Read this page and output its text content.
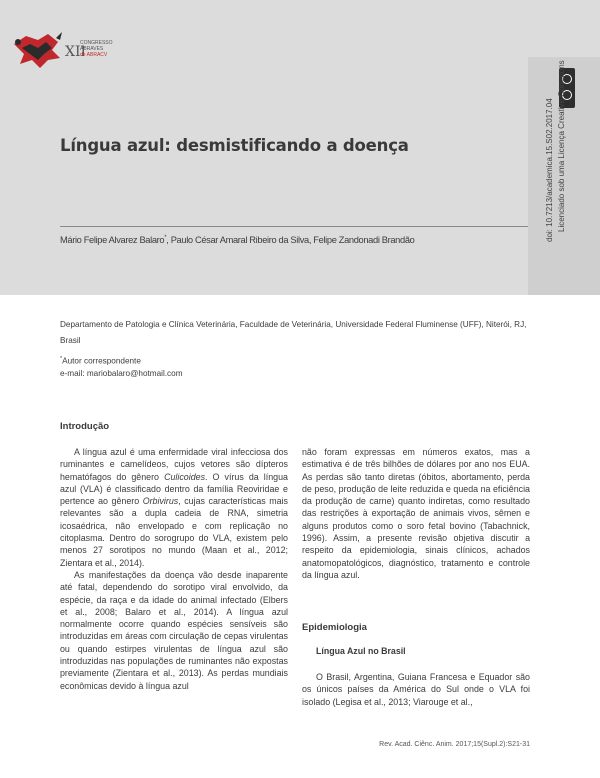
XII
CONGRESSO
ABRAVES
de ABRACV
doi: 10.7213/academica.15.S02.2017.04 Licenciado sob uma Licença Creative Commons
Língua azul: desmistificando a doença
Mário Felipe Alvarez Balaro*, Paulo César Amaral Ribeiro da Silva, Felipe Zandonadi Brandão
Departamento de Patologia e Clínica Veterinária, Faculdade de Veterinária, Universidade Federal Fluminense (UFF), Niterói, RJ, Brasil
*Autor correspondente
e-mail: mariobalaro@hotmail.com
Introdução

A língua azul é uma enfermidade viral infecciosa dos ruminantes e camelídeos, cujos vetores são dípteros hematófagos do gênero Culicoides. O vírus da língua azul (VLA) é classificado dentro da família Reoviridae e pertence ao gênero Orbivirus, cujas características mais relevantes são a dupla cadeia de RNA, simetria icosaédrica, não envelopado e com replicação no citoplasma. Dentro do sorogrupo do VLA, existem pelo menos 27 sorotipos no mundo (Maan et al., 2012; Zientara et al., 2014).

As manifestações da doença vão desde inaparente até fatal, dependendo do sorotipo viral envolvido, da espécie, da raça e da idade do animal infectado (Elbers et al., 2008; Balaro et al., 2014). A língua azul normalmente ocorre quando espécies sensíveis são introduzidas em áreas com circulação de cepas virulentas ou quando estirpes virulentas de língua azul são introduzidas nas populações de ruminantes não expostas previamente (Zientara et al., 2013). As perdas mundiais econômicas devido à língua azul

não foram expressas em números exatos, mas a estimativa é de três bilhões de dólares por ano nos EUA. As perdas são tanto diretas (óbitos, abortamento, perda de peso, produção de leite reduzida e queda na eficiência da produção de carne) quanto indiretas, como resultado das restrições à exportação de animais vivos, sêmen e alguns produtos como o soro fetal bovino (Tabachnick, 1996). Assim, a presente revisão objetiva discutir a respeito da epidemiologia, sinais clínicos, achados anatomopatológicos, diagnóstico, tratamento e controle da língua azul.

Epidemiologia
Língua Azul no Brasil

O Brasil, Argentina, Guiana Francesa e Equador são os únicos países da América do Sul onde o VLA foi isolado (Legisa et al., 2013; Viarouge et al.,

Rev. Acad. Ciênc. Anim. 2017;15(Supl.2):S21-31
